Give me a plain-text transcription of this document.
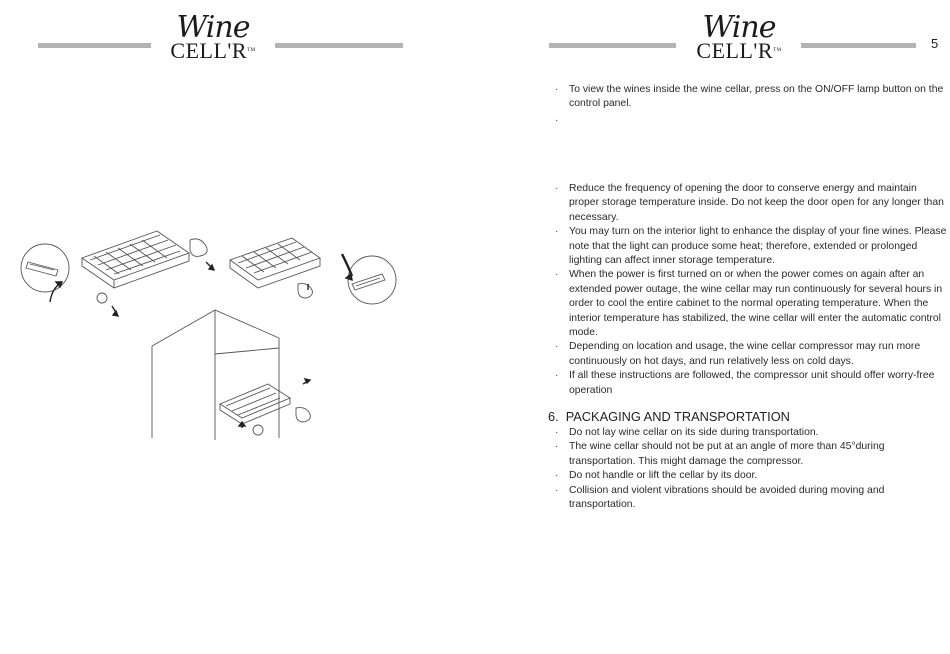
Wine
CELL'R™
Wine
CELL'R™	5
· To view the wines inside the wine cellar, press on the ON/OFF lamp button on the control panel.
·
· Reduce the frequency of opening the door to conserve energy and maintain proper storage temperature inside. Do not keep the door open for any longer than necessary.
· You may turn on the interior light to enhance the display of your fine wines. Please note that the light can produce some heat; therefore, extended or prolonged lighting can affect inner storage temperature.
· When the power is first turned on or when the power comes on again after an extended power outage, the wine cellar may run continuously for several hours in order to cool the entire cabinet to the normal operating temperature. When the interior temperature has stabilized, the wine cellar will enter the automatic control mode.
· Depending on location and usage, the wine cellar compressor may run more continuously on hot days, and run relatively less on cold days.
· If all these instructions are followed, the compressor unit should offer worry-free operation
6. PACKAGING AND TRANSPORTATION
· Do not lay wine cellar on its side during transportation.
· The wine cellar should not be put at an angle of more than 45°during transportation. This might damage the compressor.
· Do not handle or lift the cellar by its door.
· Collision and violent vibrations should be avoided during moving and transportation.
